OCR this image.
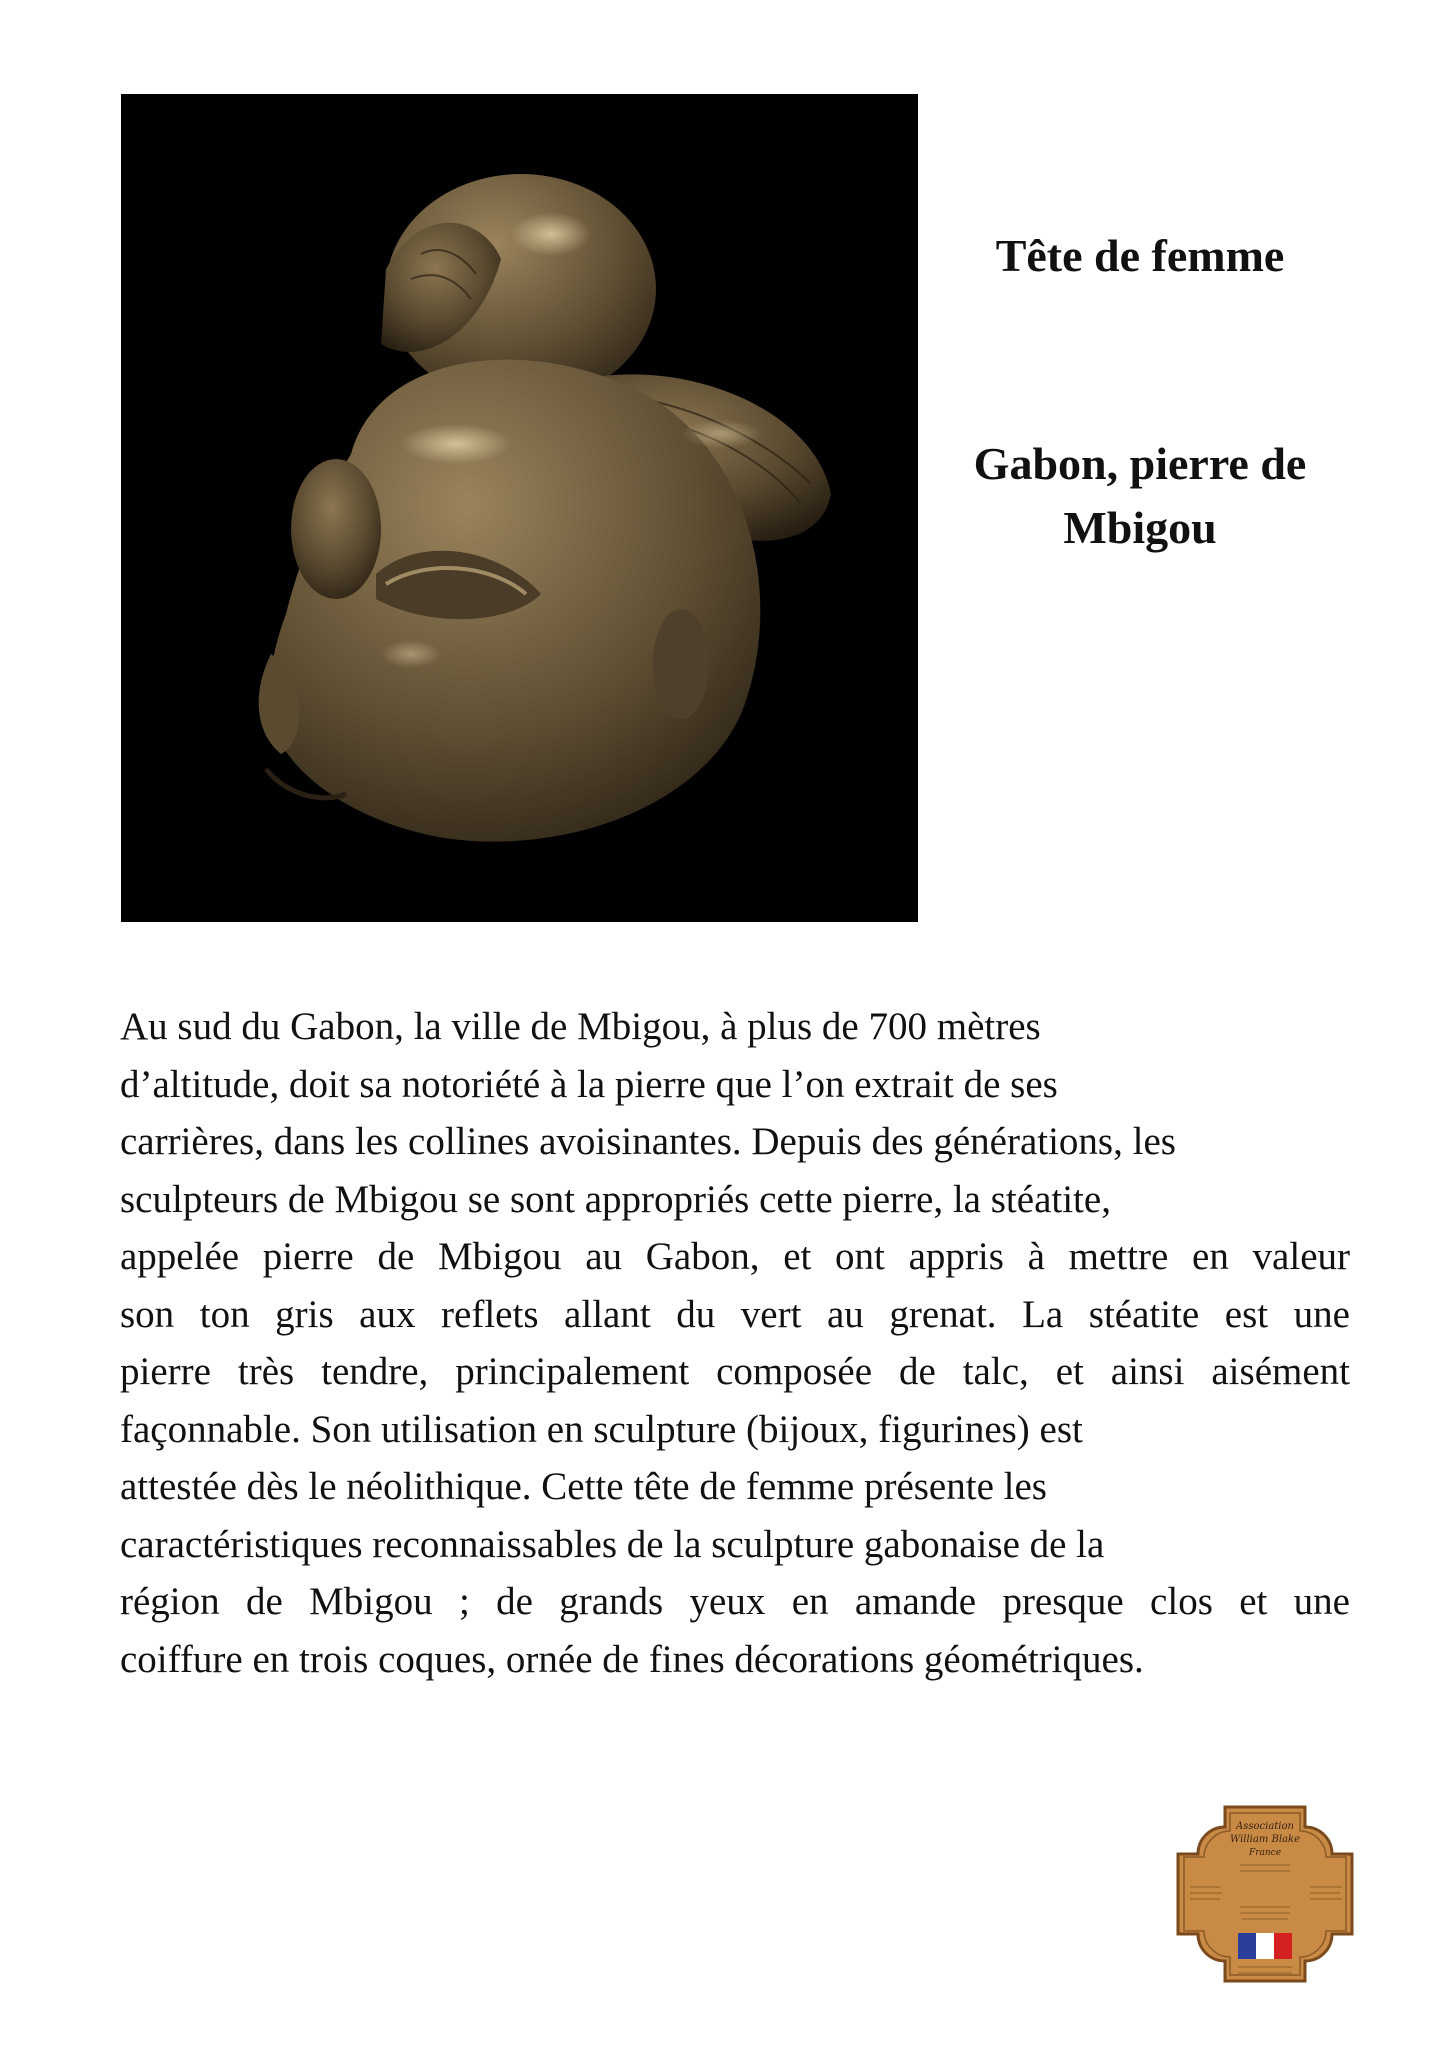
Tête de femme
Gabon, pierre de
Mbigou

Au sud du Gabon, la ville de Mbigou, à plus de 700 mètres
d’altitude, doit sa notoriété à la pierre que l’on extrait de ses
carrières, dans les collines avoisinantes. Depuis des générations, les
sculpteurs de Mbigou se sont appropriés cette pierre, la stéatite,
appelée pierre de Mbigou au Gabon, et ont appris à mettre en valeur
son ton gris aux reflets allant du vert au grenat. La stéatite est une
pierre très tendre, principalement composée de talc, et ainsi aisément
façonnable. Son utilisation en sculpture (bijoux, figurines) est
attestée dès le néolithique. Cette tête de femme présente les
caractéristiques reconnaissables de la sculpture gabonaise de la
région de Mbigou ; de grands yeux en amande presque clos et une
coiffure en trois coques, ornée de fines décorations géométriques.

Association
William Blake
France
